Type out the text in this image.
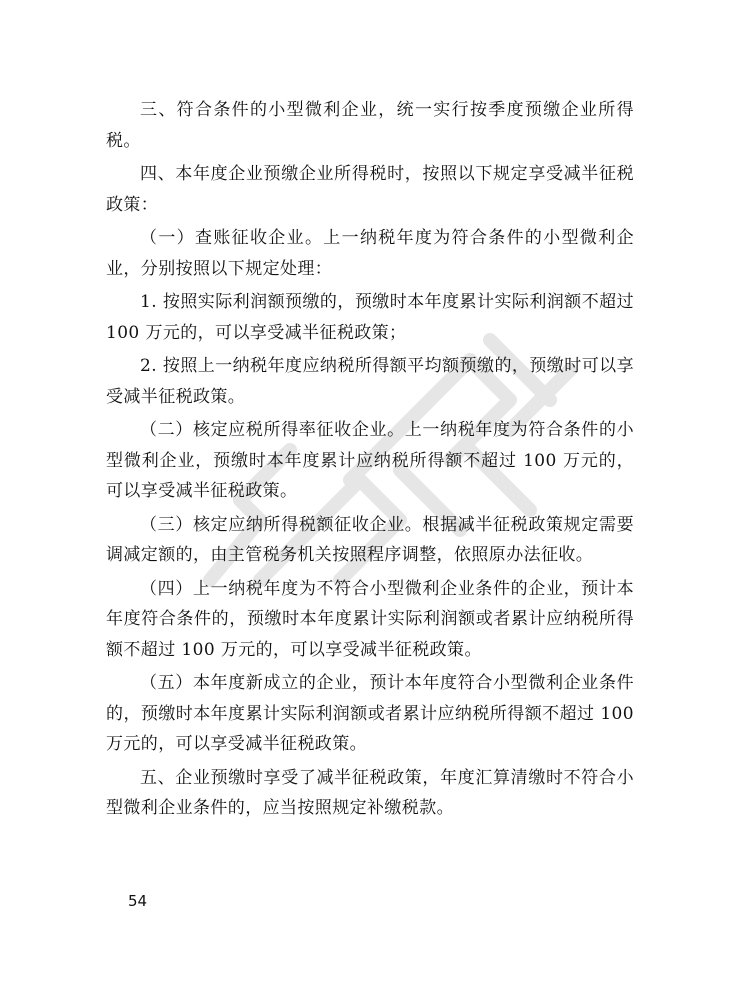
三、符合条件的小型微利企业，统一实行按季度预缴企业所得税。

四、本年度企业预缴企业所得税时，按照以下规定享受减半征税政策：

（一）查账征收企业。上一纳税年度为符合条件的小型微利企业，分别按照以下规定处理：

1. 按照实际利润额预缴的，预缴时本年度累计实际利润额不超过 100 万元的，可以享受减半征税政策；

2. 按照上一纳税年度应纳税所得额平均额预缴的，预缴时可以享受减半征税政策。

（二）核定应税所得率征收企业。上一纳税年度为符合条件的小型微利企业，预缴时本年度累计应纳税所得额不超过 100 万元的，可以享受减半征税政策。

（三）核定应纳所得税额征收企业。根据减半征税政策规定需要调减定额的，由主管税务机关按照程序调整，依照原办法征收。

（四）上一纳税年度为不符合小型微利企业条件的企业，预计本年度符合条件的，预缴时本年度累计实际利润额或者累计应纳税所得额不超过 100 万元的，可以享受减半征税政策。

（五）本年度新成立的企业，预计本年度符合小型微利企业条件的，预缴时本年度累计实际利润额或者累计应纳税所得额不超过 100 万元的，可以享受减半征税政策。

五、企业预缴时享受了减半征税政策，年度汇算清缴时不符合小型微利企业条件的，应当按照规定补缴税款。

54
